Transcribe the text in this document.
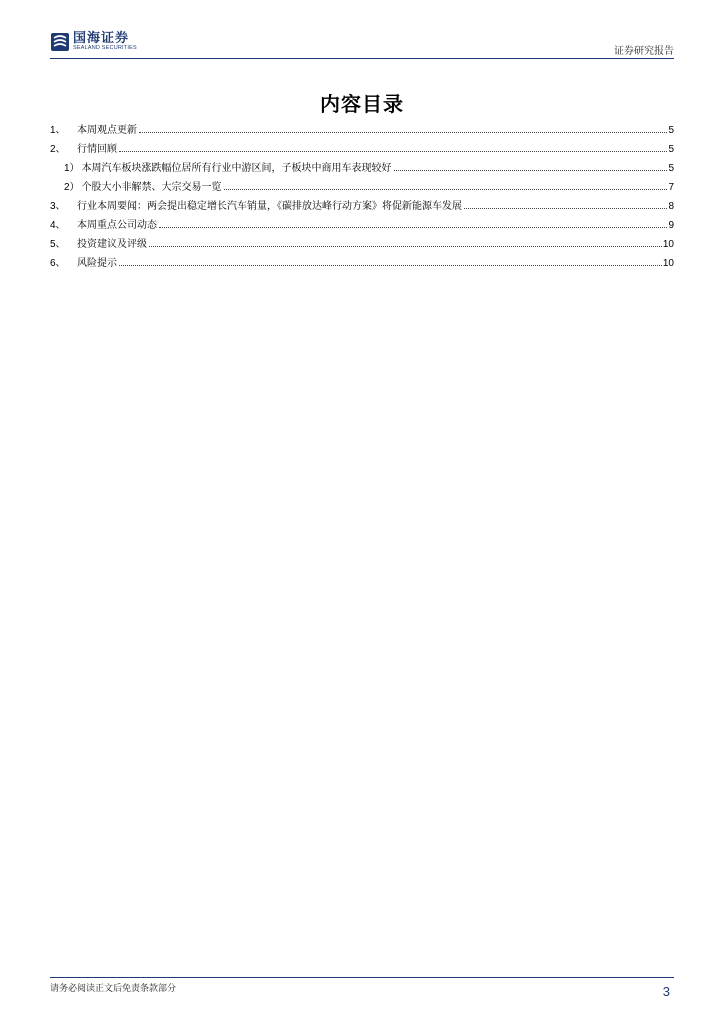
国海证券
SEALAND SECURITIES	证券研究报告
内容目录
1、	本周观点更新	5
2、	行情回顾	5
1） 本周汽车板块涨跌幅位居所有行业中游区间，子板块中商用车表现较好	5
2） 个股大小非解禁、大宗交易一览	7
3、	行业本周要闻：两会提出稳定增长汽车销量，《碳排放达峰行动方案》将促新能源车发展	8
4、	本周重点公司动态	9
5、	投资建议及评级	10
6、	风险提示	10
请务必阅读正文后免责条款部分	3
